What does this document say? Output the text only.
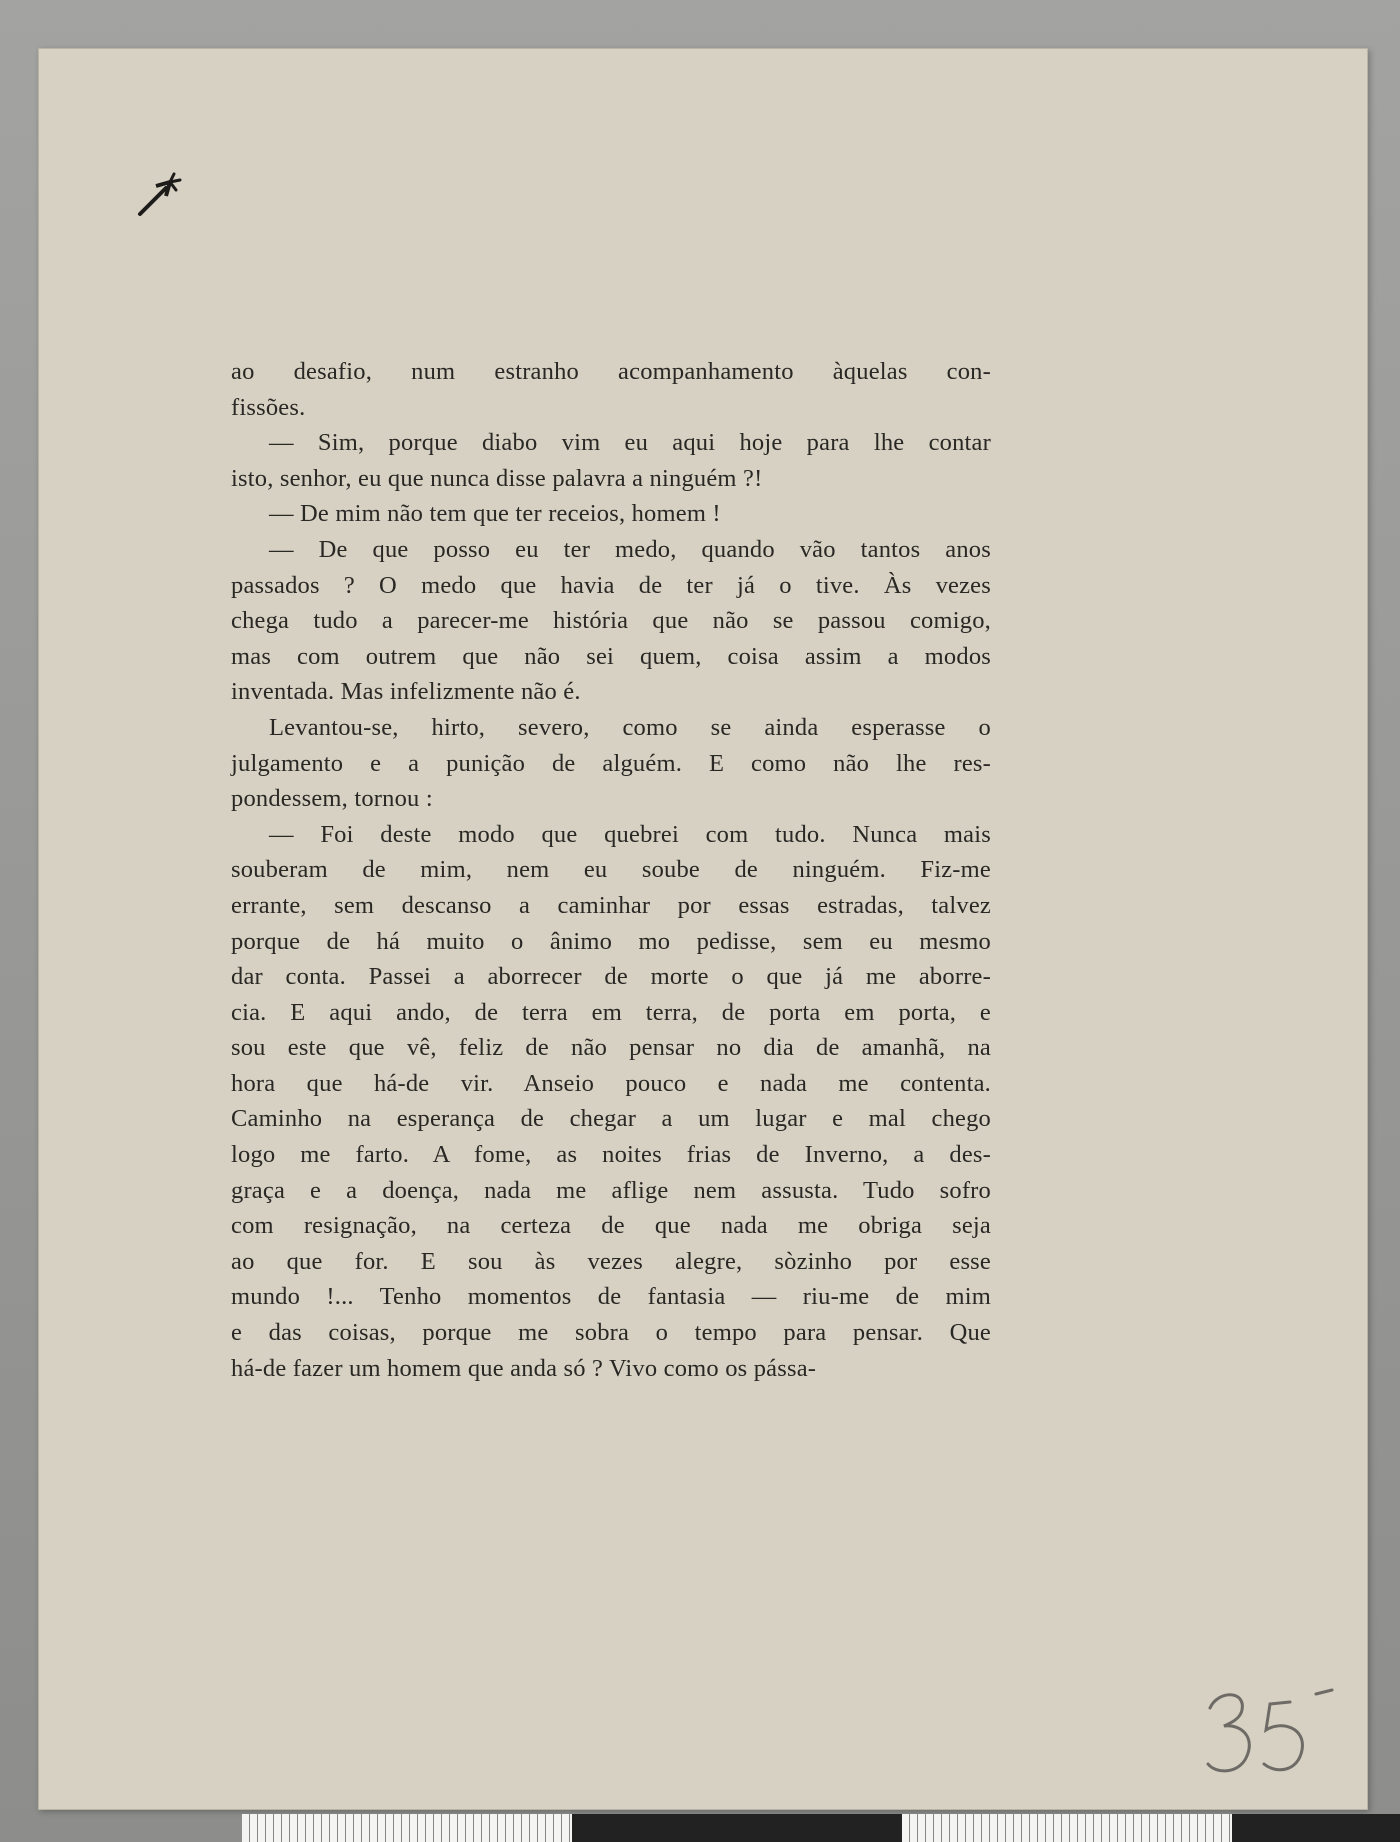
ao desafio, num estranho acompanhamento àquelas con-

fissões.

— Sim, porque diabo vim eu aqui hoje para lhe contar

isto, senhor, eu que nunca disse palavra a ninguém ?!

— De mim não tem que ter receios, homem !

— De que posso eu ter medo, quando vão tantos anos

passados ? O medo que havia de ter já o tive. Às vezes

chega tudo a parecer-me história que não se passou comigo,

mas com outrem que não sei quem, coisa assim a modos

inventada. Mas infelizmente não é.

Levantou-se, hirto, severo, como se ainda esperasse o

julgamento e a punição de alguém. E como não lhe res-

pondessem, tornou :

— Foi deste modo que quebrei com tudo. Nunca mais

souberam de mim, nem eu soube de ninguém. Fiz-me

errante, sem descanso a caminhar por essas estradas, talvez

porque de há muito o ânimo mo pedisse, sem eu mesmo

dar conta. Passei a aborrecer de morte o que já me aborre-

cia. E aqui ando, de terra em terra, de porta em porta, e

sou este que vê, feliz de não pensar no dia de amanhã, na

hora que há-de vir. Anseio pouco e nada me contenta.

Caminho na esperança de chegar a um lugar e mal chego

logo me farto. A fome, as noites frias de Inverno, a des-

graça e a doença, nada me aflige nem assusta. Tudo sofro

com resignação, na certeza de que nada me obriga seja

ao que for. E sou às vezes alegre, sòzinho por esse

mundo !... Tenho momentos de fantasia — riu-me de mim

e das coisas, porque me sobra o tempo para pensar. Que

há-de fazer um homem que anda só ? Vivo como os pássa-
